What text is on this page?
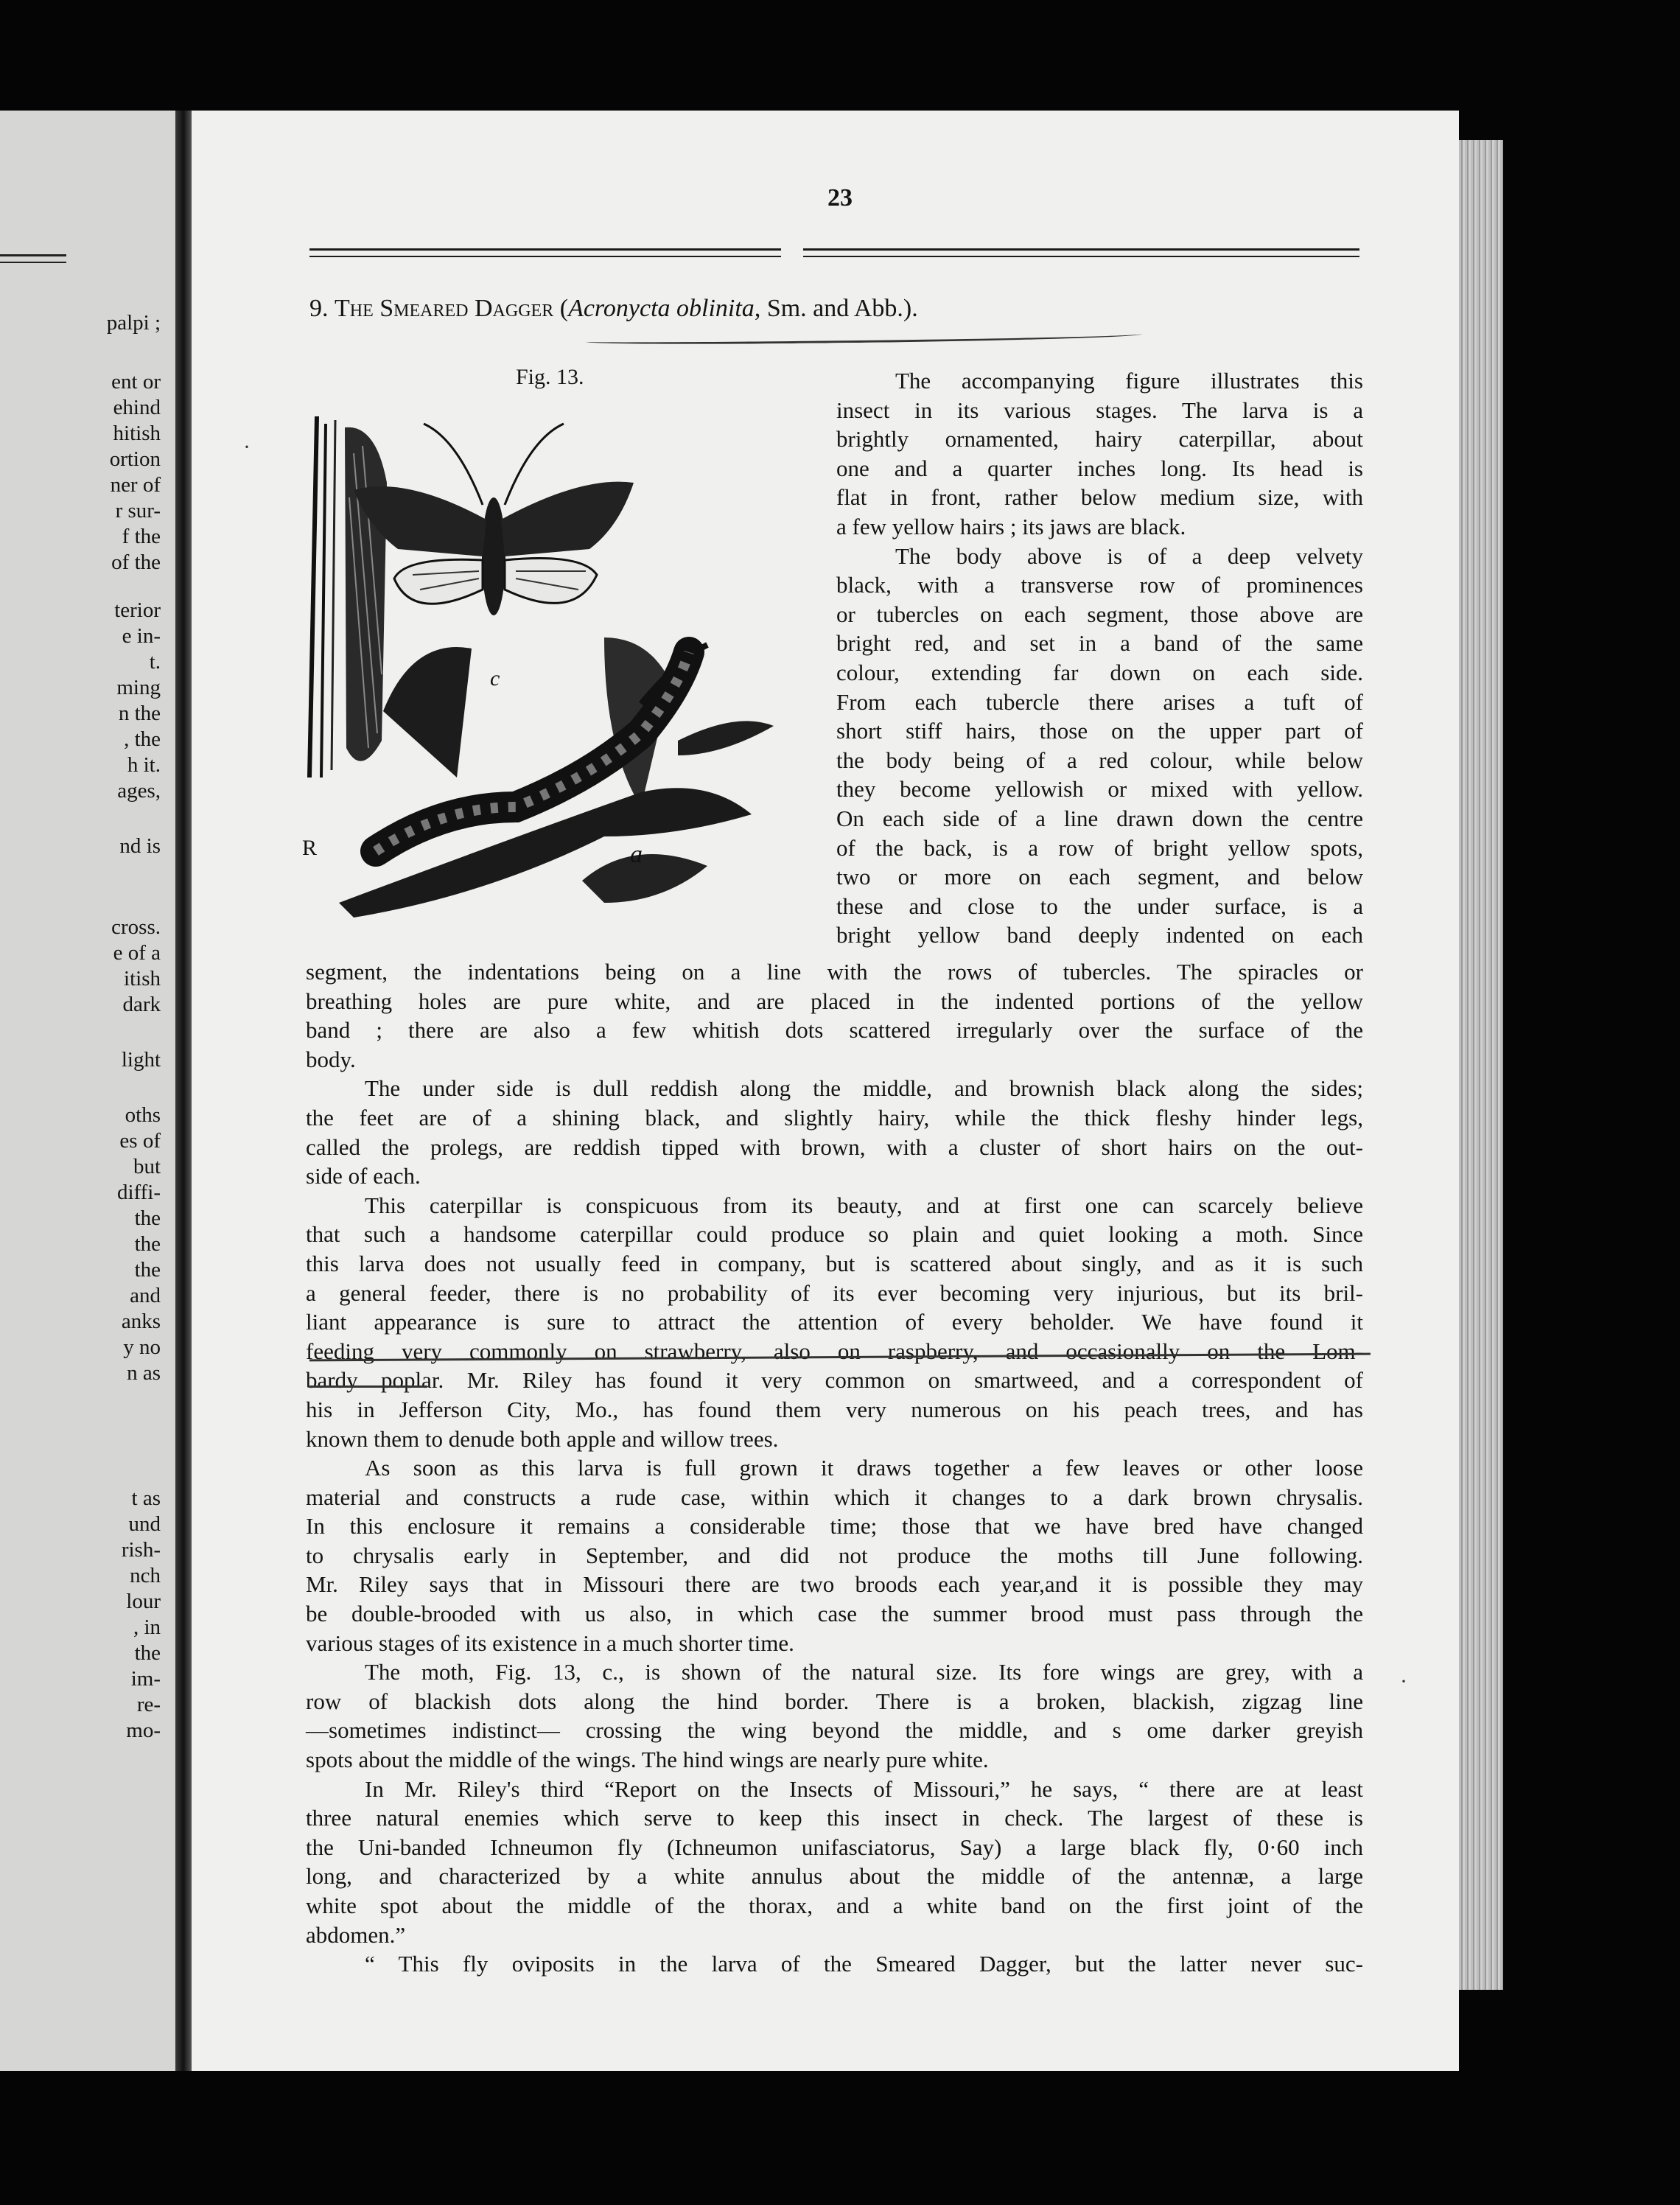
palpi ;
ent or
ehind
hitish
ortion
ner of
r sur-
f the
of the
terior
e in-
t.
ming
n the
, the
h it.
ages,
nd is
cross.
e of a
itish
dark
light
oths
es of
but
diffi-
the
the
the
and
anks
y no
n as
t as
und
rish-
nch
lour
, in
the
im-
re-
mo-
23
9. The Smeared Dagger (Acronycta oblinita, Sm. and Abb.).
Fig. 13.
c
a
R
The accompanying figure illustrates this
insect in its various stages. The larva is a
brightly ornamented, hairy caterpillar, about
one and a quarter inches long. Its head is
flat in front, rather below medium size, with
a few yellow hairs ; its jaws are black.
The body above is of a deep velvety
black, with a transverse row of prominences
or tubercles on each segment, those above are
bright red, and set in a band of the same
colour, extending far down on each side.
From each tubercle there arises a tuft of
short stiff hairs, those on the upper part of
the body being of a red colour, while below
they become yellowish or mixed with yellow.
On each side of a line drawn down the centre
of the back, is a row of bright yellow spots,
two or more on each segment, and below
these and close to the under surface, is a
bright yellow band deeply indented on each
segment, the indentations being on a line with the rows of tubercles. The spiracles or
breathing holes are pure white, and are placed in the indented portions of the yellow
band ; there are also a few whitish dots scattered irregularly over the surface of the
body.
The under side is dull reddish along the middle, and brownish black along the sides;
the feet are of a shining black, and slightly hairy, while the thick fleshy hinder legs,
called the prolegs, are reddish tipped with brown, with a cluster of short hairs on the out-
side of each.
This caterpillar is conspicuous from its beauty, and at first one can scarcely believe
that such a handsome caterpillar could produce so plain and quiet looking a moth. Since
this larva does not usually feed in company, but is scattered about singly, and as it is such
a general feeder, there is no probability of its ever becoming very injurious, but its bril-
liant appearance is sure to attract the attention of every beholder. We have found it
feeding very commonly on strawberry, also on raspberry, and occasionally on the Lom-
bardy poplar. Mr. Riley has found it very common on smartweed, and a correspondent of
his in Jefferson City, Mo., has found them very numerous on his peach trees, and has
known them to denude both apple and willow trees.
As soon as this larva is full grown it draws together a few leaves or other loose
material and constructs a rude case, within which it changes to a dark brown chrysalis.
In this enclosure it remains a considerable time; those that we have bred have changed
to chrysalis early in September, and did not produce the moths till June following.
Mr. Riley says that in Missouri there are two broods each year,and it is possible they may
be double-brooded with us also, in which case the summer brood must pass through the
various stages of its existence in a much shorter time.
The moth, Fig. 13, c., is shown of the natural size. Its fore wings are grey, with a
row of blackish dots along the hind border. There is a broken, blackish, zigzag line
—sometimes indistinct— crossing the wing beyond the middle, and s ome darker greyish
spots about the middle of the wings. The hind wings are nearly pure white.
In Mr. Riley's third “Report on the Insects of Missouri,” he says, “ there are at least
three natural enemies which serve to keep this insect in check. The largest of these is
the Uni-banded Ichneumon fly (Ichneumon unifasciatorus, Say) a large black fly, 0·60 inch
long, and characterized by a white annulus about the middle of the antennæ, a large
white spot about the middle of the thorax, and a white band on the first joint of the
abdomen.”
“ This fly oviposits in the larva of the Smeared Dagger, but the latter never suc-
·
·
